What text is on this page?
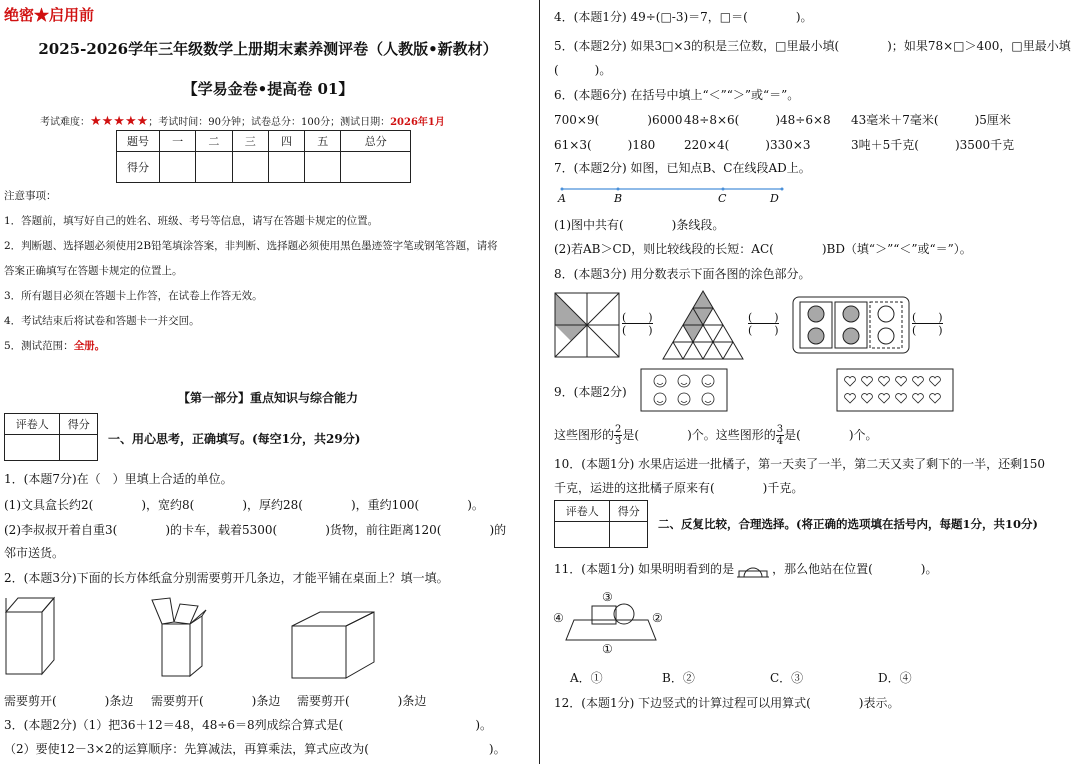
绝密★启用前
2025-2026学年三年级数学上册期末素养测评卷（人教版•新教材）
【学易金卷•提高卷 01】
考试难度：★★★★★；考试时间：90分钟；试卷总分：100分；测试日期：2026年1月
题号	一	二	三	四	五	总分
得分						
注意事项：
1．答题前，填写好自己的姓名、班级、考号等信息，请写在答题卡规定的位置。
2．判断题、选择题必须使用2B铅笔填涂答案，非判断、选择题必须使用黑色墨迹签字笔或钢笔答题，请将
答案正确填写在答题卡规定的位置上。
3．所有题目必须在答题卡上作答，在试卷上作答无效。
4．考试结束后将试卷和答题卡一并交回。
5．测试范围：全册。
【第一部分】重点知识与综合能力
评卷人	得分

一、用心思考，正确填写。(每空1分，共29分)
1．(本题7分)在（　）里填上合适的单位。
(1)文具盒长约2(　　　　)，宽约8(　　　　)，厚约28(　　　　)，重约100(　　　　)。
(2)李叔叔开着自重3(　　　　)的卡车，载着5300(　　　　)货物，前往距离120(　　　　)的
邻市送货。
2．(本题3分)下面的长方体纸盒分别需要剪开几条边，才能平铺在桌面上？填一填。
需要剪开(　　　　)条边 需要剪开(　　　　)条边 需要剪开(　　　　)条边
3．(本题2分)（1）把36＋12＝48，48÷6＝8列成综合算式是(　　　　　　　　　　　)。
（2）要使12－3×2的运算顺序：先算减法，再算乘法，算式应改为(　　　　　　　　　　)。
4．(本题1分) 49÷(□-3)＝7，□＝(　　　　)。
5．(本题2分) 如果3□×3的积是三位数，□里最小填(　　　　)；如果78×□＞400，□里最小填
(　　　)。
6．(本题6分) 在括号中填上“＜”“＞”或“＝”。
700×9(　　　　)6000 48÷8×6(　　　)48÷6×8 43毫米＋7毫米(　　　)5厘米
61×3(　　　)180 220×4(　　　)330×3	3吨＋5千克(　　　)3500千克
7．(本题2分) 如图，已知点B、C在线段AD上。
A	B	C	D
(1)图中共有(　　　　)条线段。
(2)若AB＞CD，则比较线段的长短：AC(　　　　)BD（填“＞”“＜”或“＝”）。
8．(本题3分) 用分数表示下面各图的涂色部分。
(　　)
(　　)
(　　)
(　　)
(　　)
(　　)
9．(本题2分)
这些图形的 $\frac{2}{3}$ 是(　　　　)个。这些图形的 $\frac{3}{4}$ 是(　　　　)个。
10．(本题1分) 水果店运进一批橘子，第一天卖了一半，第二天又卖了剩下的一半，还剩150
千克，运进的这批橘子原来有(　　　　)千克。
评卷人	得分

二、反复比较，合理选择。(将正确的选项填在括号内，每题1分，共10分)
11．(本题1分) 如果明明看到的是	，那么他站在位置(　　　　)。
③
④	②
①
A．①	B．②	C．③	D．④
12．(本题1分) 下边竖式的计算过程可以用算式(　　　　)表示。
